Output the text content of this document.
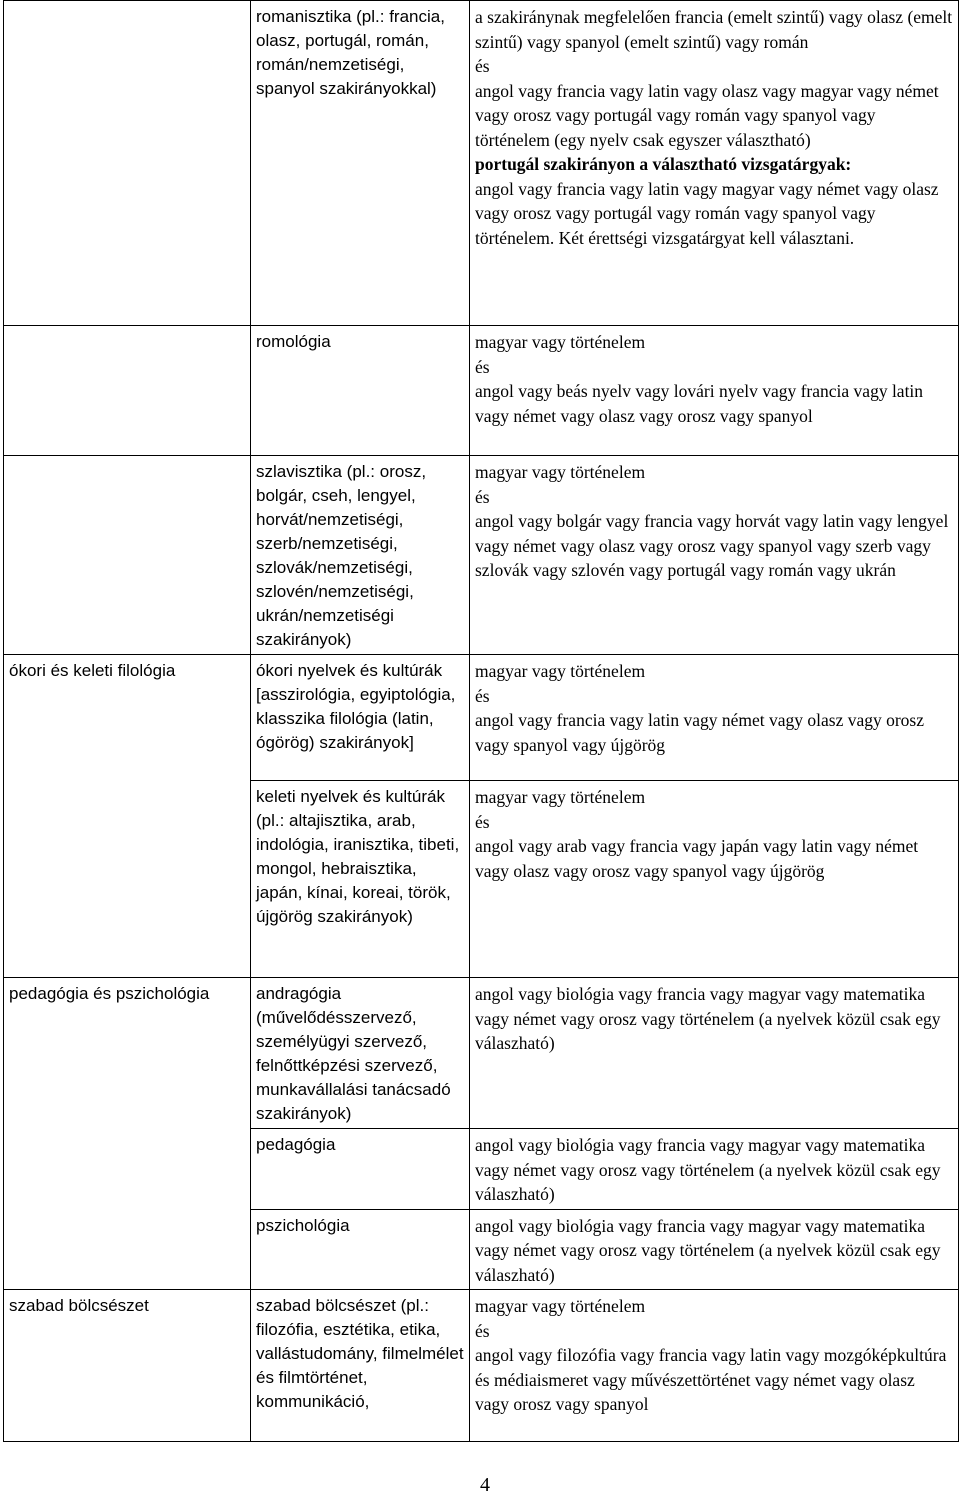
	romanisztika (pl.: francia, olasz, portugál, román, román/nemzetiségi, spanyol szakirányokkal)	a szakiránynak megfelelően francia (emelt szintű) vagy olasz (emelt szintű) vagy spanyol (emelt szintű) vagy román
és
angol vagy francia vagy latin vagy olasz vagy magyar vagy német vagy orosz vagy portugál vagy román vagy spanyol vagy történelem (egy nyelv csak egyszer választható)
portugál szakirányon a választható vizsgatárgyak:
angol vagy francia vagy latin vagy magyar vagy német vagy olasz vagy orosz vagy portugál vagy román vagy spanyol vagy történelem. Két érettségi vizsgatárgyat kell választani.

	romológia	magyar vagy történelem
és
angol vagy beás nyelv vagy lovári nyelv vagy francia vagy latin vagy német vagy olasz vagy orosz vagy spanyol

	szlavisztika (pl.: orosz, bolgár, cseh, lengyel, horvát/nemzetiségi, szerb/nemzetiségi, szlovák/nemzetiségi, szlovén/nemzetiségi, ukrán/nemzetiségi szakirányok)	magyar vagy történelem
és
angol vagy bolgár vagy francia vagy horvát vagy latin vagy lengyel vagy német vagy olasz vagy orosz vagy spanyol vagy szerb vagy szlovák vagy szlovén vagy portugál vagy román vagy ukrán

ókori és keleti filológia	ókori nyelvek és kultúrák [asszirológia, egyiptológia, klasszika filológia (latin, ógörög) szakirányok]	magyar vagy történelem
és
angol vagy francia vagy latin vagy német vagy olasz vagy orosz vagy spanyol vagy újgörög

	keleti nyelvek és kultúrák (pl.: altajisztika, arab, indológia, iranisztika, tibeti, mongol, hebraisztika, japán, kínai, koreai, török, újgörög szakirányok)	magyar vagy történelem
és
angol vagy arab vagy francia vagy japán vagy latin vagy német vagy olasz vagy orosz vagy spanyol vagy újgörög

pedagógia és pszichológia	andragógia (művelődésszervező, személyügyi szervező, felnőttképzési szervező, munkavállalási tanácsadó szakirányok)	angol vagy biológia vagy francia vagy magyar vagy matematika vagy német vagy orosz vagy történelem (a nyelvek közül csak egy válaszható)

	pedagógia	angol vagy biológia vagy francia vagy magyar vagy matematika vagy német vagy orosz vagy történelem (a nyelvek közül csak egy válaszható)

	pszichológia	angol vagy biológia vagy francia vagy magyar vagy matematika vagy német vagy orosz vagy történelem (a nyelvek közül csak egy válaszható)

szabad bölcsészet	szabad bölcsészet (pl.: filozófia, esztétika, etika, vallástudomány, filmelmélet és filmtörténet, kommunikáció,	magyar vagy történelem
és
angol vagy filozófia vagy francia vagy latin vagy mozgóképkultúra és médiaismeret vagy művészettörténet vagy német vagy olasz vagy orosz vagy spanyol
4
